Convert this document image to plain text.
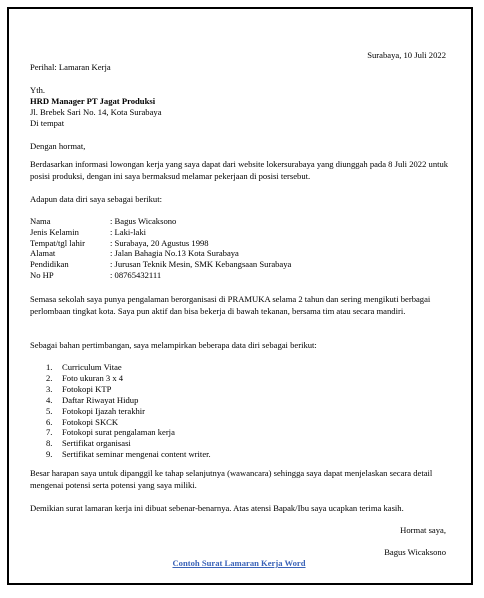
Surabaya, 10 Juli 2022
Perihal: Lamaran Kerja
Yth.
HRD Manager PT Jagat Produksi
Jl. Brebek Sari No. 14, Kota Surabaya
Di tempat
Dengan hormat,
Berdasarkan informasi lowongan kerja yang saya dapat dari website lokersurabaya yang diunggah pada 8 Juli 2022 untuk posisi produksi, dengan ini saya bermaksud melamar pekerjaan di posisi tersebut.
Adapun data diri saya sebagai berikut:
Nama	: Bagus Wicaksono
Jenis Kelamin	: Laki-laki
Tempat/tgl lahir	: Surabaya, 20 Agustus 1998
Alamat	: Jalan Bahagia No.13 Kota Surabaya
Pendidikan	: Jurusan Teknik Mesin, SMK Kebangsaan Surabaya
No HP	: 08765432111
Semasa sekolah saya punya pengalaman berorganisasi di PRAMUKA selama 2 tahun dan sering mengikuti berbagai perlombaan tingkat kota. Saya pun aktif dan bisa bekerja di bawah tekanan, bersama tim atau secara mandiri.
Sebagai bahan pertimbangan, saya melampirkan beberapa data diri sebagai berikut:
1. Curriculum Vitae
2. Foto ukuran 3 x 4
3. Fotokopi KTP
4. Daftar Riwayat Hidup
5. Fotokopi Ijazah terakhir
6. Fotokopi SKCK
7. Fotokopi surat pengalaman kerja
8. Sertifikat organisasi
9. Sertifikat seminar mengenai content writer.
Besar harapan saya untuk dipanggil ke tahap selanjutnya (wawancara) sehingga saya dapat menjelaskan secara detail mengenai potensi serta potensi yang saya miliki.
Demikian surat lamaran kerja ini dibuat sebenar-benarnya. Atas atensi Bapak/Ibu saya ucapkan terima kasih.
Hormat saya,
Bagus Wicaksono
Contoh Surat Lamaran Kerja Word
